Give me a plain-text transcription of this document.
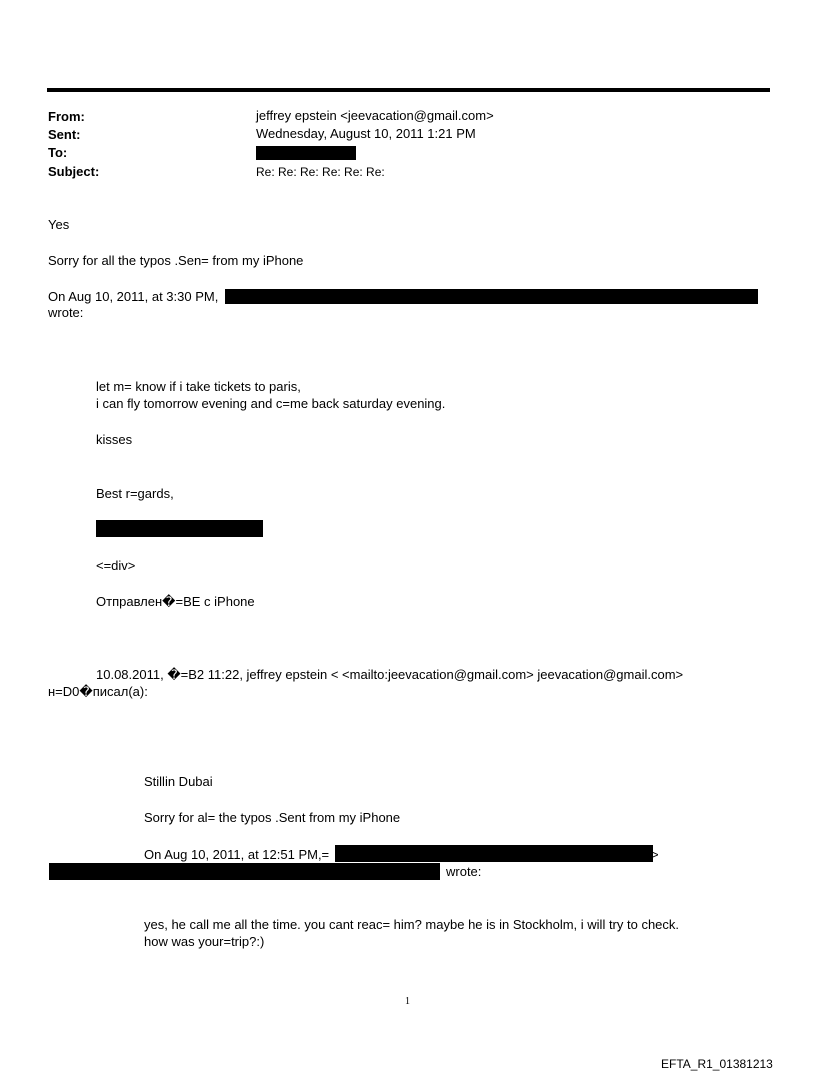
From:	jeffrey epstein <jeevacation@gmail.com>
Sent:	Wednesday, August 10, 2011 1:21 PM
To:
Subject:	Re: Re: Re: Re: Re: Re:
Yes
Sorry for all the typos .Sen= from my iPhone
On Aug 10, 2011, at 3:30 PM,
wrote:
let m= know if i take tickets to paris,
i can fly tomorrow evening and c=me back saturday evening.
kisses
Best r=gards,
<=div>
Отправлен�=BE с iPhone
10.08.2011, �=B2 11:22, jeffrey epstein < <mailto:jeevacation@gmail.com> jeevacation@gmail.com>
н=D0�писал(а):
Stillin Dubai
Sorry for al= the typos .Sent from my iPhone
On Aug 10, 2011, at 12:51 PM,=	>
wrote:
yes, he call me all the time. you cant reac= him? maybe he is in Stockholm, i will try to check.
how was your=trip?:)
1
EFTA_R1_01381213
